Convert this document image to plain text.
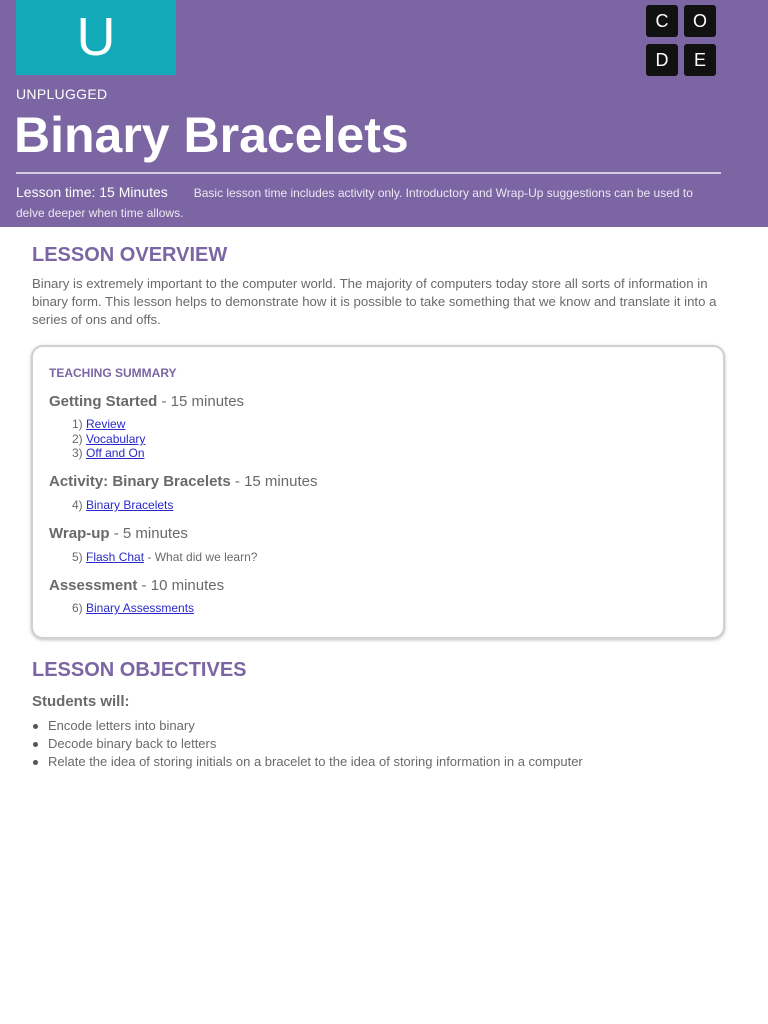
U	C	O
D	E
UNPLUGGED
Binary Bracelets
Lesson time: 15 Minutes Basic lesson time includes activity only. Introductory and Wrap-Up suggestions can be used to delve deeper when time allows.
LESSON OVERVIEW
Binary is extremely important to the computer world. The majority of computers today store all sorts of information in binary form. This lesson helps to demonstrate how it is possible to take something that we know and translate it into a series of ons and offs.
TEACHING SUMMARY
Getting Started - 15 minutes
1) Review
2) Vocabulary
3) Off and On
Activity: Binary Bracelets - 15 minutes
4) Binary Bracelets
Wrap-up - 5 minutes
5) Flash Chat - What did we learn?
Assessment - 10 minutes
6) Binary Assessments
LESSON OBJECTIVES
Students will:
Encode letters into binary
Decode binary back to letters
Relate the idea of storing initials on a bracelet to the idea of storing information in a computer
